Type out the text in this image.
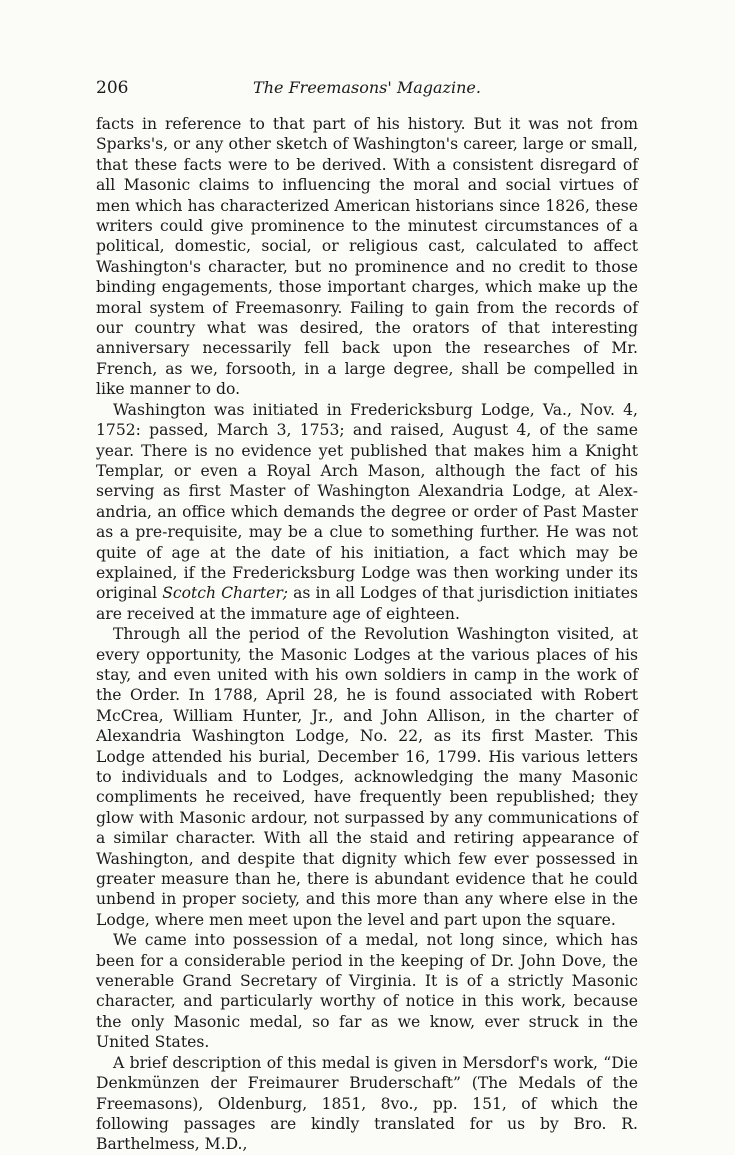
206	The Freemasons' Magazine.

facts in reference to that part of his history. But it was not from Sparks's, or any other sketch of Washington's career, large or small, that these facts were to be derived. With a consistent disregard of all Masonic claims to influencing the moral and social virtues of men which has characterized American historians since 1826, these writers could give prominence to the minutest circumstances of a political, domestic, social, or religious cast, calculated to affect Washington's character, but no prominence and no credit to those binding engagements, those important charges, which make up the moral system of Freemasonry. Failing to gain from the records of our country what was desired, the orators of that interesting anniversary necessarily fell back upon the researches of Mr. French, as we, forsooth, in a large degree, shall be compelled in like manner to do.

Washington was initiated in Fredericksburg Lodge, Va., Nov. 4, 1752: passed, March 3, 1753; and raised, August 4, of the same year. There is no evidence yet published that makes him a Knight Templar, or even a Royal Arch Mason, although the fact of his serving as first Master of Washington Alexandria Lodge, at Alexandria, an office which demands the degree or order of Past Master as a pre-requisite, may be a clue to something further. He was not quite of age at the date of his initiation, a fact which may be explained, if the Fredericksburg Lodge was then working under its original Scotch Charter; as in all Lodges of that jurisdiction initiates are received at the immature age of eighteen.

Through all the period of the Revolution Washington visited, at every opportunity, the Masonic Lodges at the various places of his stay, and even united with his own soldiers in camp in the work of the Order. In 1788, April 28, he is found associated with Robert McCrea, William Hunter, Jr., and John Allison, in the charter of Alexandria Washington Lodge, No. 22, as its first Master. This Lodge attended his burial, December 16, 1799. His various letters to individuals and to Lodges, acknowledging the many Masonic compliments he received, have frequently been republished; they glow with Masonic ardour, not surpassed by any communications of a similar character. With all the staid and retiring appearance of Washington, and despite that dignity which few ever possessed in greater measure than he, there is abundant evidence that he could unbend in proper society, and this more than any where else in the Lodge, where men meet upon the level and part upon the square.

We came into possession of a medal, not long since, which has been for a considerable period in the keeping of Dr. John Dove, the venerable Grand Secretary of Virginia. It is of a strictly Masonic character, and particularly worthy of notice in this work, because the only Masonic medal, so far as we know, ever struck in the United States.

A brief description of this medal is given in Mersdorf's work, “Die Denkmünzen der Freimaurer Bruderschaft” (The Medals of the Freemasons), Oldenburg, 1851, 8vo., pp. 151, of which the following passages are kindly translated for us by Bro. R. Barthelmess, M.D.,
